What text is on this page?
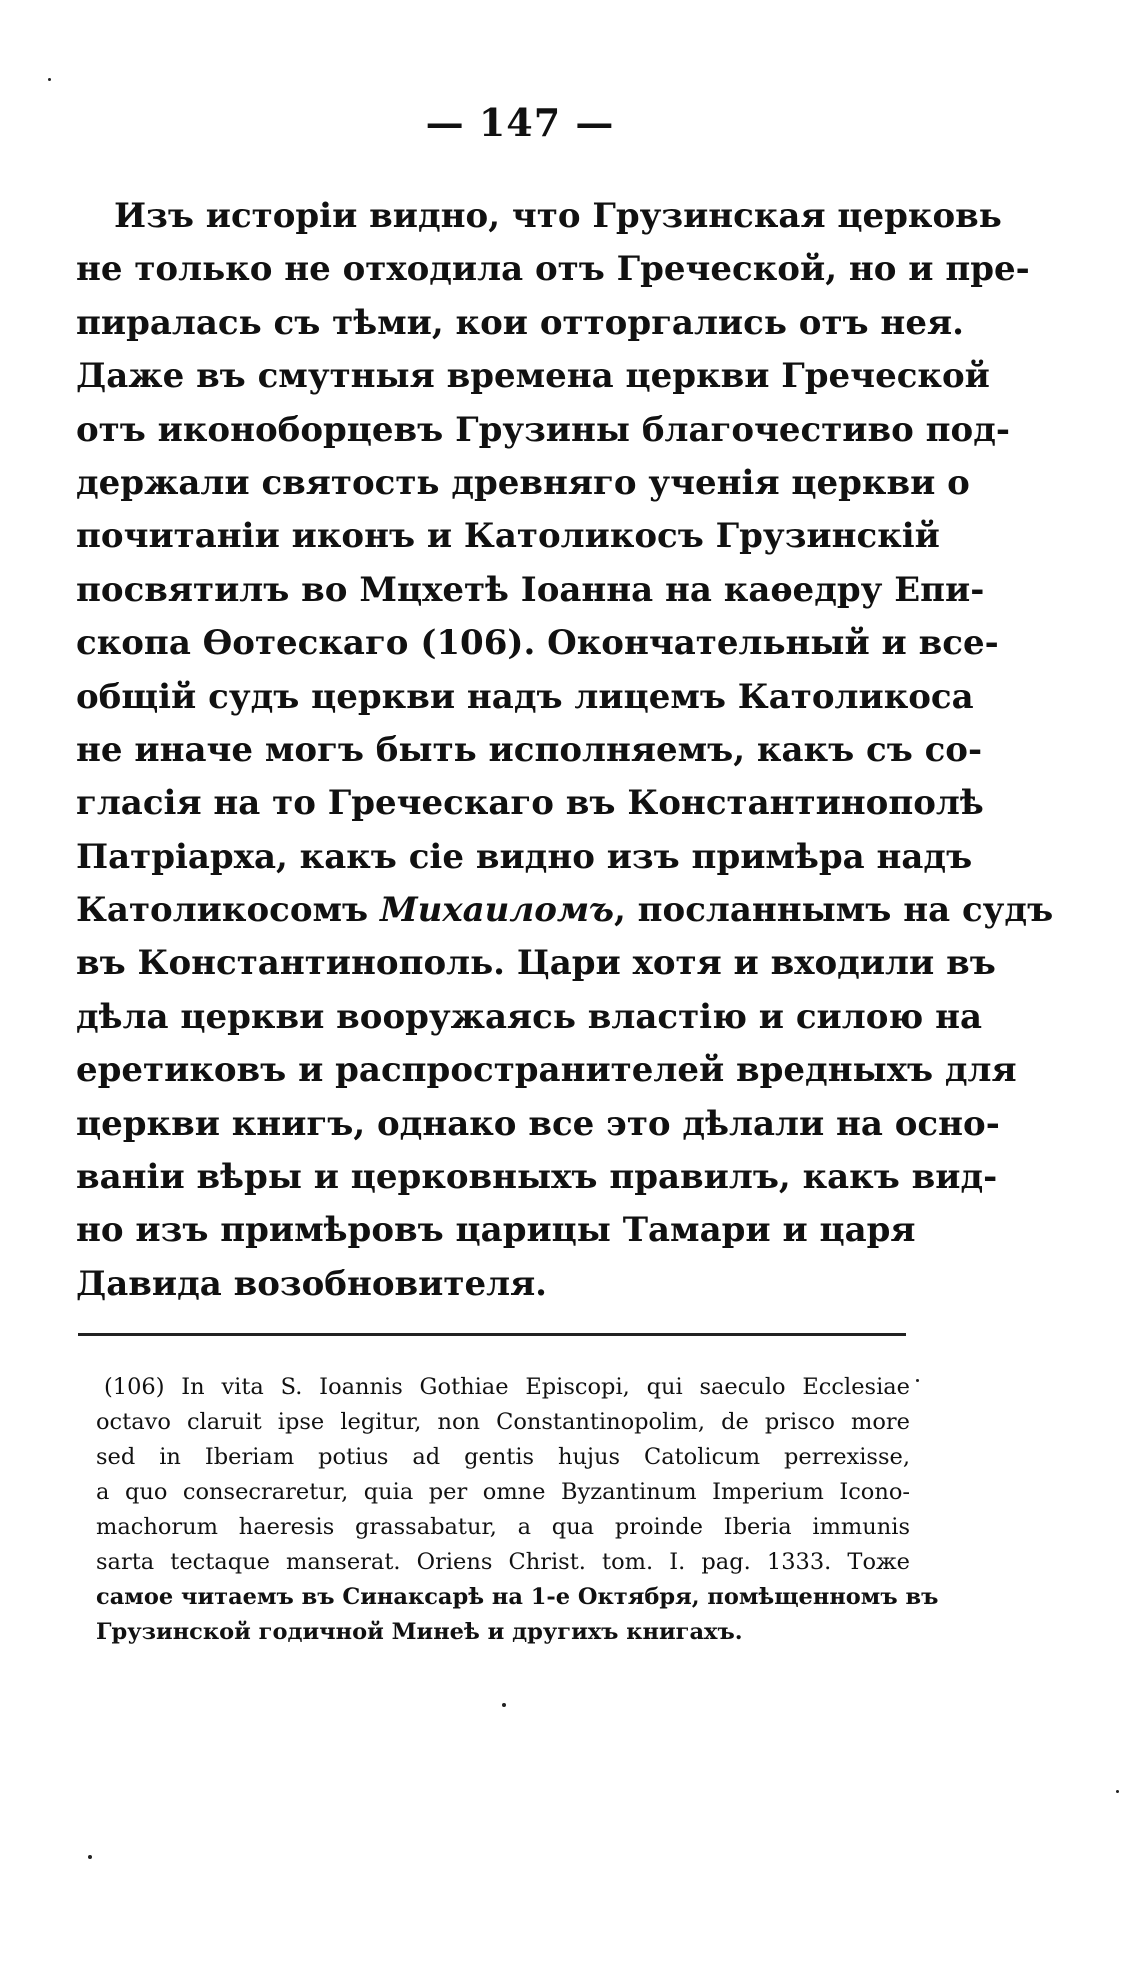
— 147 —
Изъ исторіи видно, что Грузинская церковь
не только не отходила отъ Греческой, но и пре-
пиралась съ тѣми, кои отторгались отъ нея.
Даже въ смутныя времена церкви Греческой
отъ иконоборцевъ Грузины благочестиво под-
держали святость древняго ученія церкви о
почитаніи иконъ и Католикосъ Грузинскій
посвятилъ во Мцхетѣ Іоанна на каѳедру Епи-
скопа Ѳотескаго (106). Окончательный и все-
общій судъ церкви надъ лицемъ Католикоса
не иначе могъ быть исполняемъ, какъ съ со-
гласія на то Греческаго въ Константинополѣ
Патріарха, какъ сіе видно изъ примѣра надъ
Католикосомъ Михаиломъ, посланнымъ на судъ
въ Константинополь. Цари хотя и входили въ
дѣла церкви вооружаясь властію и силою на
еретиковъ и распространителей вредныхъ для
церкви книгъ, однако все это дѣлали на осно-
ваніи вѣры и церковныхъ правилъ, какъ вид-
но изъ примѣровъ царицы Тамари и царя
Давида возобновителя.
(106) In vita S. Ioannis Gothiae Episcopi, qui saeculo Ecclesiae
octavo claruit ipse legitur, non Constantinopolim, de prisco more
sed in Iberiam potius ad gentis hujus Catolicum perrexisse,
a quo consecraretur, quia per omne Byzantinum Imperium Icono-
machorum haeresis grassabatur, a qua proinde Iberia immunis
sarta tectaque manserat. Oriens Christ. tom. I. pag. 1333. Тоже
самое читаемъ въ Синаксарѣ на 1-е Октября, помѣщенномъ въ
Грузинской годичной Минеѣ и другихъ книгахъ.
